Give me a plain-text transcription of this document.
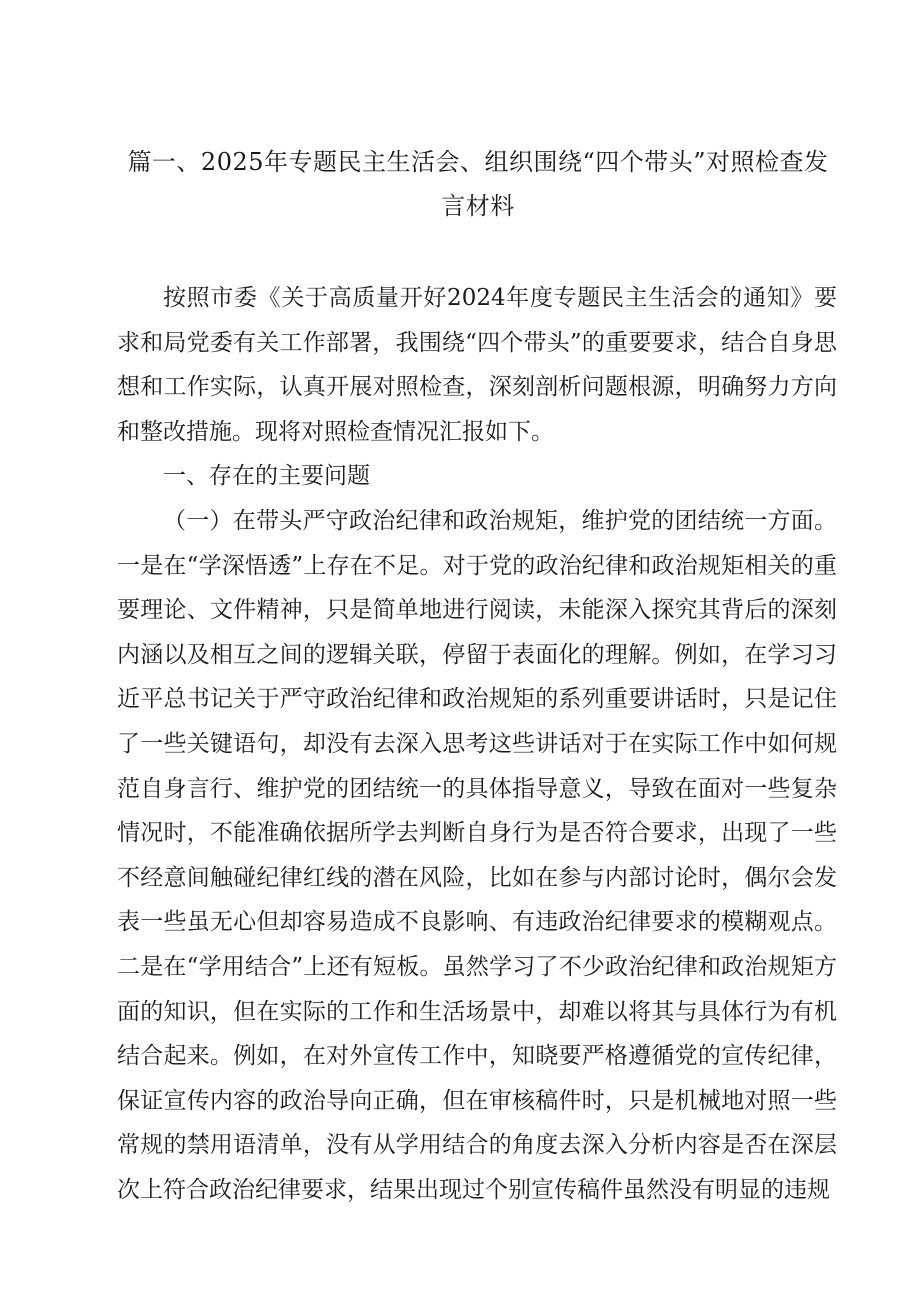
篇一、2025年专题民主生活会、组织围绕“四个带头”对照检查发言材料

按照市委《关于高质量开好2024年度专题民主生活会的通知》要求和局党委有关工作部署，我围绕“四个带头”的重要要求，结合自身思想和工作实际，认真开展对照检查，深刻剖析问题根源，明确努力方向和整改措施。现将对照检查情况汇报如下。

一、存在的主要问题

（一）在带头严守政治纪律和政治规矩，维护党的团结统一方面。一是在“学深悟透”上存在不足。对于党的政治纪律和政治规矩相关的重要理论、文件精神，只是简单地进行阅读，未能深入探究其背后的深刻内涵以及相互之间的逻辑关联，停留于表面化的理解。例如，在学习习近平总书记关于严守政治纪律和政治规矩的系列重要讲话时，只是记住了一些关键语句，却没有去深入思考这些讲话对于在实际工作中如何规范自身言行、维护党的团结统一的具体指导意义，导致在面对一些复杂情况时，不能准确依据所学去判断自身行为是否符合要求，出现了一些不经意间触碰纪律红线的潜在风险，比如在参与内部讨论时，偶尔会发表一些虽无心但却容易造成不良影响、有违政治纪律要求的模糊观点。二是在“学用结合”上还有短板。虽然学习了不少政治纪律和政治规矩方面的知识，但在实际的工作和生活场景中，却难以将其与具体行为有机结合起来。例如，在对外宣传工作中，知晓要严格遵循党的宣传纪律，保证宣传内容的政治导向正确，但在审核稿件时，只是机械地对照一些常规的禁用语清单，没有从学用结合的角度去深入分析内容是否在深层次上符合政治纪律要求，结果出现过个别宣传稿件虽然没有明显的违规
